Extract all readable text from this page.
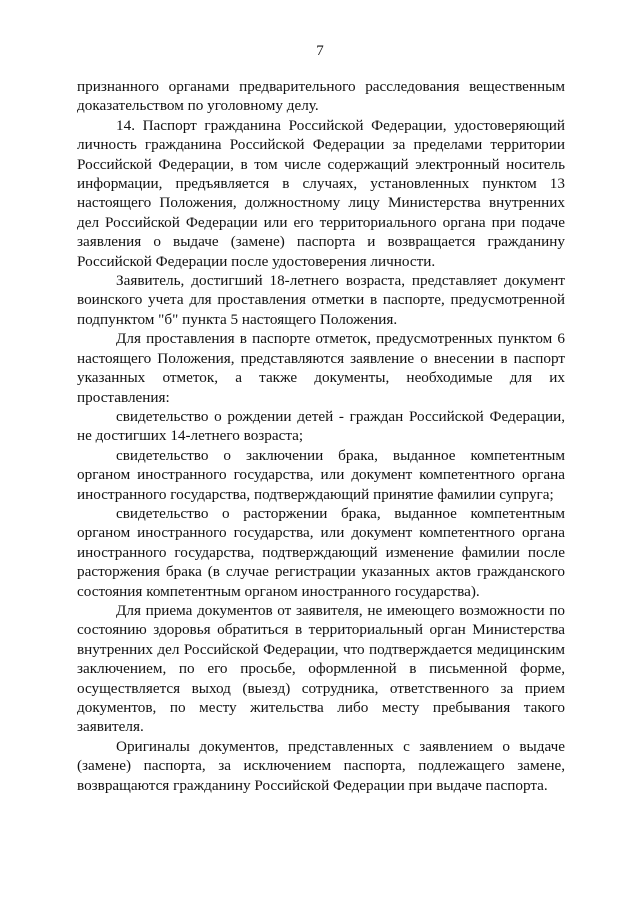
7

признанного органами предварительного расследования вещественным доказательством по уголовному делу.

14. Паспорт гражданина Российской Федерации, удостоверяющий личность гражданина Российской Федерации за пределами территории Российской Федерации, в том числе содержащий электронный носитель информации, предъявляется в случаях, установленных пунктом 13 настоящего Положения, должностному лицу Министерства внутренних дел Российской Федерации или его территориального органа при подаче заявления о выдаче (замене) паспорта и возвращается гражданину Российской Федерации после удостоверения личности.

Заявитель, достигший 18-летнего возраста, представляет документ воинского учета для проставления отметки в паспорте, предусмотренной подпунктом "б" пункта 5 настоящего Положения.

Для проставления в паспорте отметок, предусмотренных пунктом 6 настоящего Положения, представляются заявление о внесении в паспорт указанных отметок, а также документы, необходимые для их проставления:

свидетельство о рождении детей - граждан Российской Федерации, не достигших 14-летнего возраста;

свидетельство о заключении брака, выданное компетентным органом иностранного государства, или документ компетентного органа иностранного государства, подтверждающий принятие фамилии супруга;

свидетельство о расторжении брака, выданное компетентным органом иностранного государства, или документ компетентного органа иностранного государства, подтверждающий изменение фамилии после расторжения брака (в случае регистрации указанных актов гражданского состояния компетентным органом иностранного государства).

Для приема документов от заявителя, не имеющего возможности по состоянию здоровья обратиться в территориальный орган Министерства внутренних дел Российской Федерации, что подтверждается медицинским заключением, по его просьбе, оформленной в письменной форме, осуществляется выход (выезд) сотрудника, ответственного за прием документов, по месту жительства либо месту пребывания такого заявителя.

Оригиналы документов, представленных с заявлением о выдаче (замене) паспорта, за исключением паспорта, подлежащего замене, возвращаются гражданину Российской Федерации при выдаче паспорта.
